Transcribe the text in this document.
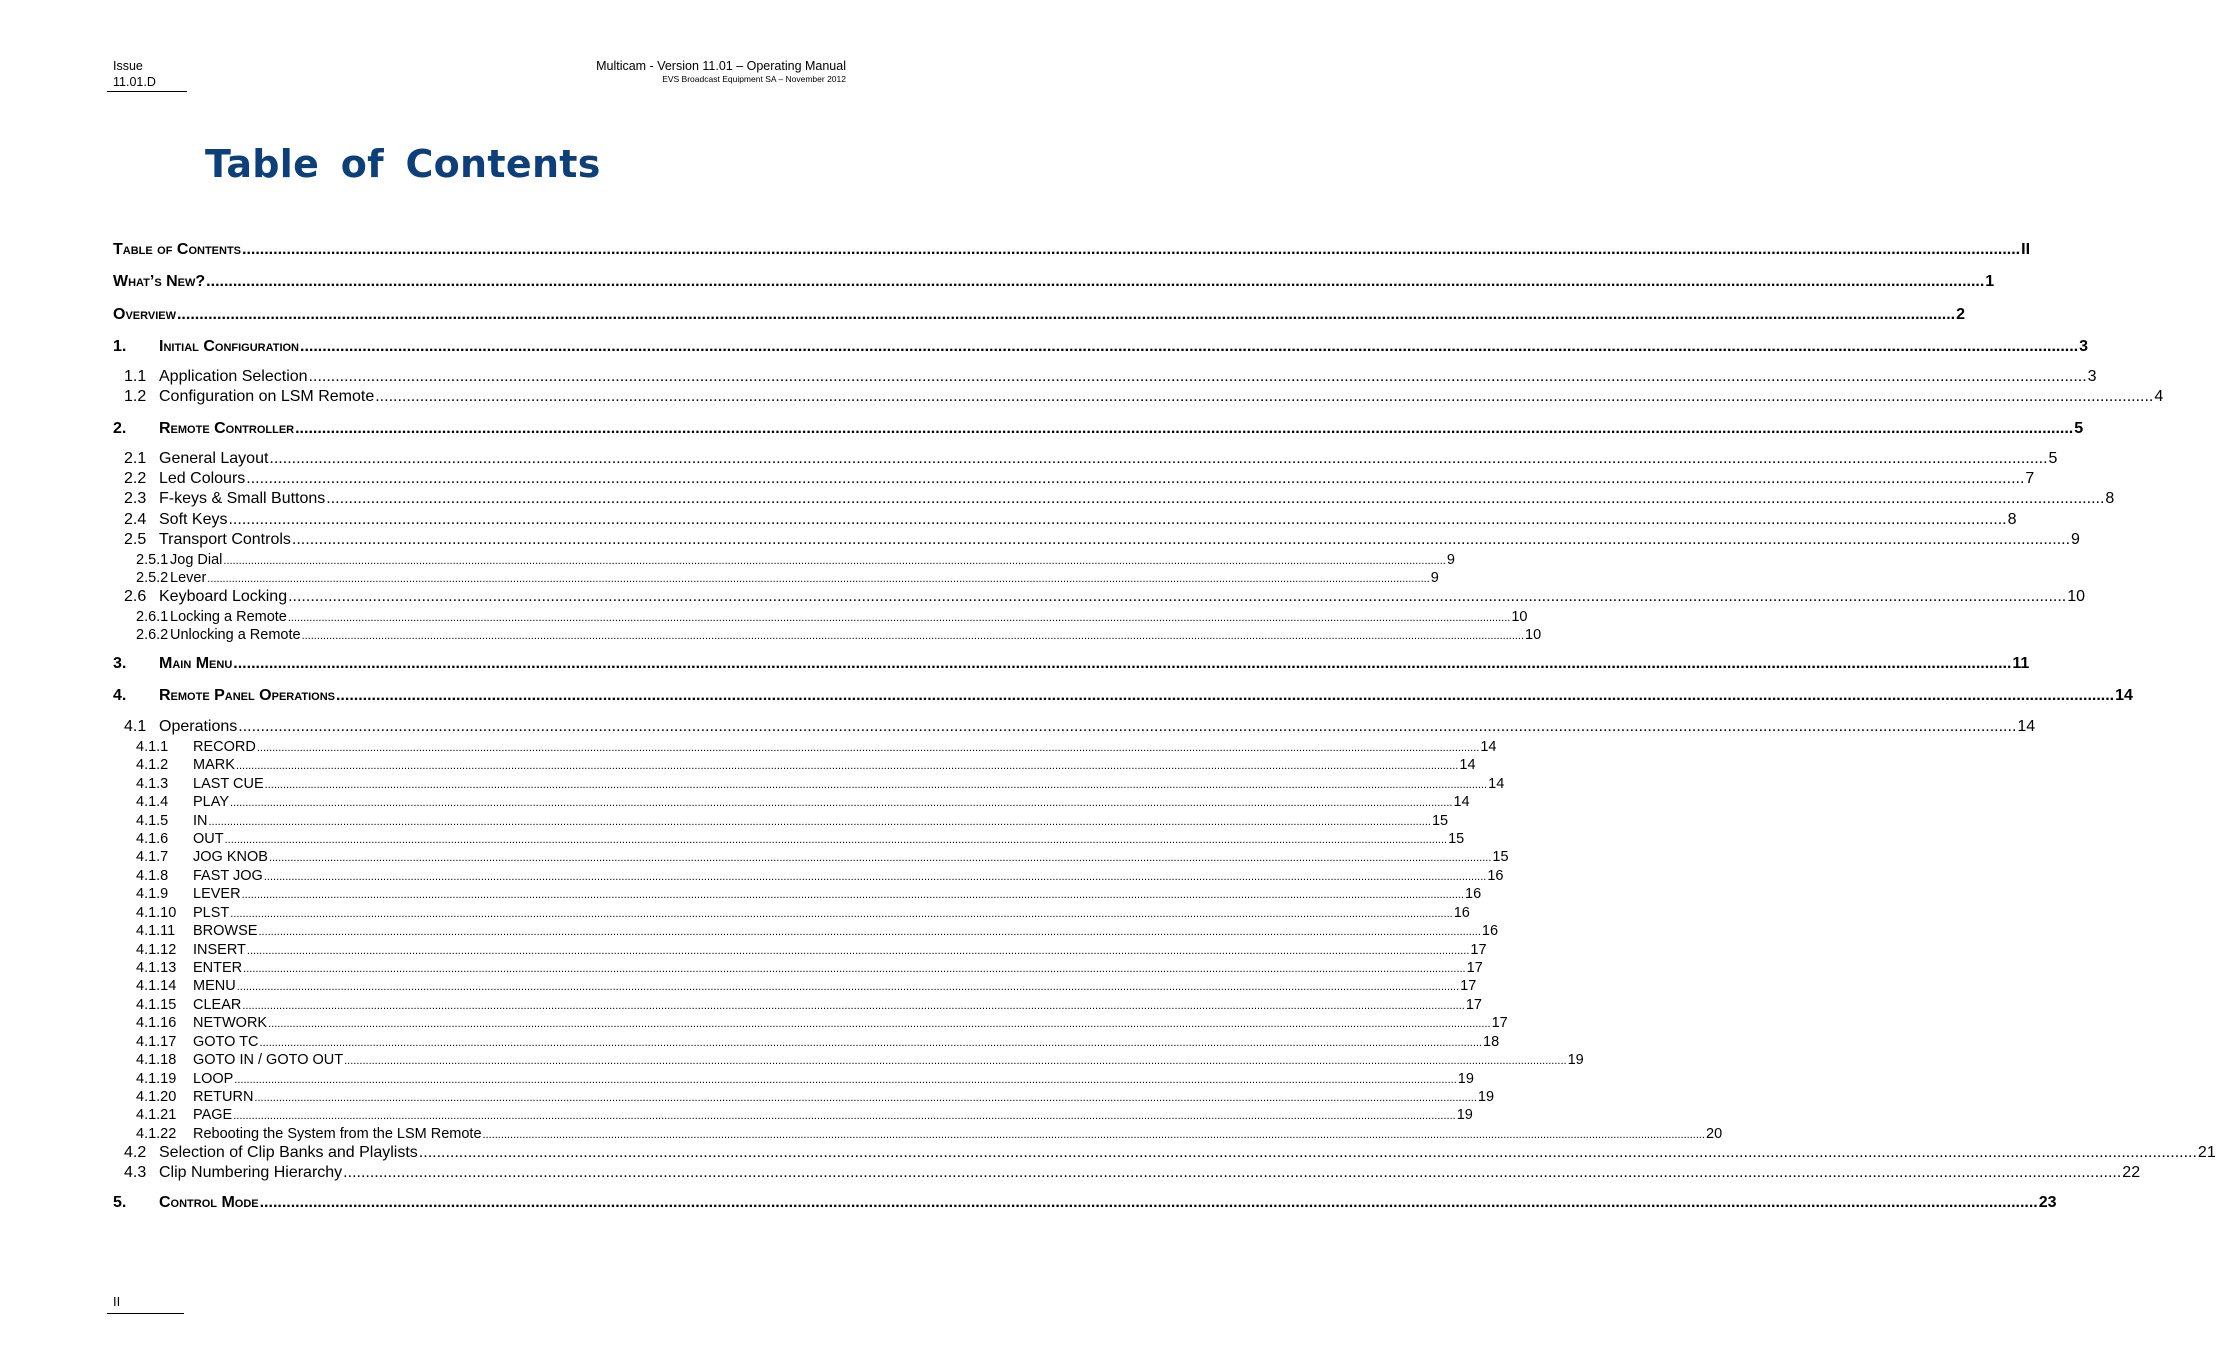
Issue
11.01.D
Multicam - Version 11.01 – Operating Manual
EVS Broadcast Equipment SA – November 2012
Table of Contents
Table of Contents ................................................................................................................................................................................................................................................................................................................................................................................................................ II
What’s New? ................................................................................................................................................................................................................................................................................................................................................................................................................ 1
Overview ................................................................................................................................................................................................................................................................................................................................................................................................................ 2
1.	Initial Configuration ................................................................................................................................................................................................................................................................................................................................................................................................................ 3
1.1 Application Selection ................................................................................................................................................................................................................................................................................................................................................................................................................ 3
1.2 Configuration on LSM Remote ................................................................................................................................................................................................................................................................................................................................................................................................................ 4
2.	Remote Controller ................................................................................................................................................................................................................................................................................................................................................................................................................ 5
2.1 General Layout ................................................................................................................................................................................................................................................................................................................................................................................................................ 5
2.2 Led Colours ................................................................................................................................................................................................................................................................................................................................................................................................................ 7
2.3 F-keys & Small Buttons ................................................................................................................................................................................................................................................................................................................................................................................................................ 8
2.4 Soft Keys ................................................................................................................................................................................................................................................................................................................................................................................................................ 8
2.5 Transport Controls ................................................................................................................................................................................................................................................................................................................................................................................................................ 9
2.5.1 Jog Dial ................................................................................................................................................................................................................................................................................................................................................................................................................ 9
2.5.2 Lever ................................................................................................................................................................................................................................................................................................................................................................................................................ 9
2.6 Keyboard Locking ................................................................................................................................................................................................................................................................................................................................................................................................................ 10
2.6.1 Locking a Remote ................................................................................................................................................................................................................................................................................................................................................................................................................ 10
2.6.2 Unlocking a Remote ................................................................................................................................................................................................................................................................................................................................................................................................................ 10
3.	Main Menu ................................................................................................................................................................................................................................................................................................................................................................................................................ 11
4.	Remote Panel Operations ................................................................................................................................................................................................................................................................................................................................................................................................................ 14
4.1 Operations ................................................................................................................................................................................................................................................................................................................................................................................................................ 14
4.1.1	RECORD ................................................................................................................................................................................................................................................................................................................................................................................................................ 14
4.1.2	MARK ................................................................................................................................................................................................................................................................................................................................................................................................................ 14
4.1.3	LAST CUE ................................................................................................................................................................................................................................................................................................................................................................................................................ 14
4.1.4	PLAY ................................................................................................................................................................................................................................................................................................................................................................................................................ 14
4.1.5	IN ................................................................................................................................................................................................................................................................................................................................................................................................................ 15
4.1.6	OUT ................................................................................................................................................................................................................................................................................................................................................................................................................ 15
4.1.7	JOG KNOB ................................................................................................................................................................................................................................................................................................................................................................................................................ 15
4.1.8	FAST JOG ................................................................................................................................................................................................................................................................................................................................................................................................................ 16
4.1.9	LEVER ................................................................................................................................................................................................................................................................................................................................................................................................................ 16
4.1.10	PLST ................................................................................................................................................................................................................................................................................................................................................................................................................ 16
4.1.11	BROWSE ................................................................................................................................................................................................................................................................................................................................................................................................................ 16
4.1.12	INSERT ................................................................................................................................................................................................................................................................................................................................................................................................................ 17
4.1.13	ENTER ................................................................................................................................................................................................................................................................................................................................................................................................................ 17
4.1.14	MENU ................................................................................................................................................................................................................................................................................................................................................................................................................ 17
4.1.15	CLEAR ................................................................................................................................................................................................................................................................................................................................................................................................................ 17
4.1.16	NETWORK ................................................................................................................................................................................................................................................................................................................................................................................................................ 17
4.1.17	GOTO TC ................................................................................................................................................................................................................................................................................................................................................................................................................ 18
4.1.18	GOTO IN / GOTO OUT ................................................................................................................................................................................................................................................................................................................................................................................................................ 19
4.1.19	LOOP ................................................................................................................................................................................................................................................................................................................................................................................................................ 19
4.1.20	RETURN ................................................................................................................................................................................................................................................................................................................................................................................................................ 19
4.1.21	PAGE ................................................................................................................................................................................................................................................................................................................................................................................................................ 19
4.1.22	Rebooting the System from the LSM Remote ................................................................................................................................................................................................................................................................................................................................................................................................................ 20
4.2 Selection of Clip Banks and Playlists ................................................................................................................................................................................................................................................................................................................................................................................................................ 21
4.3 Clip Numbering Hierarchy ................................................................................................................................................................................................................................................................................................................................................................................................................ 22
5.	Control Mode ................................................................................................................................................................................................................................................................................................................................................................................................................ 23
II
